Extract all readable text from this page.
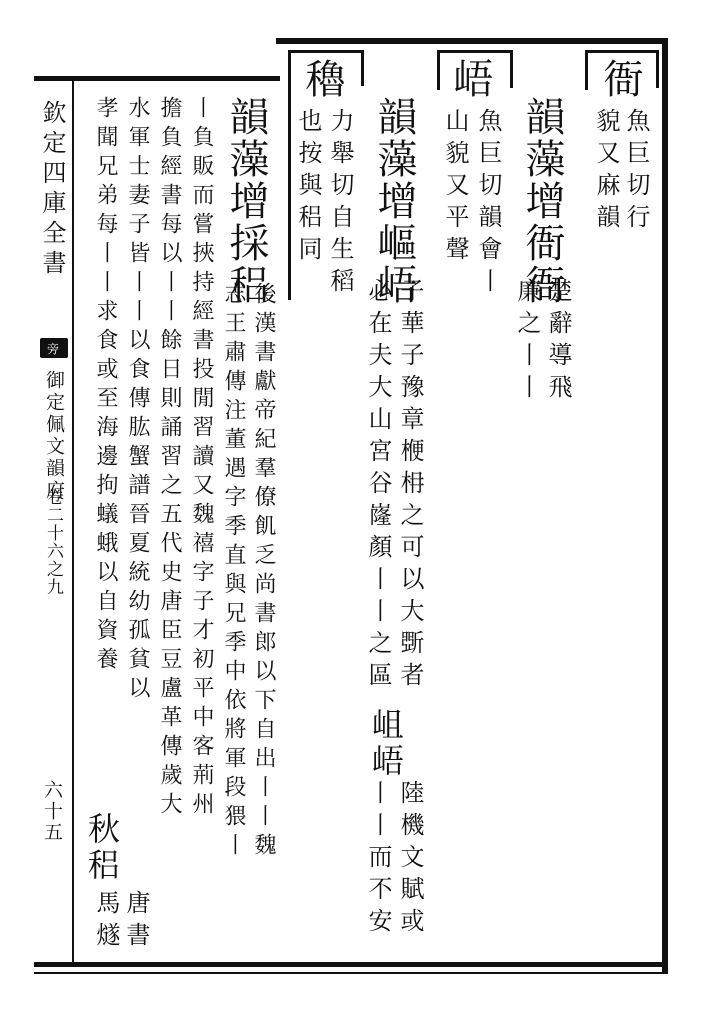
欽定四庫全書
御定佩文韻府
卷二十六之九
六十五
旁
衙
魚巨切行
貌又麻韻
韻藻增衙衙
楚辭導飛
廉之丨丨
峿
魚巨切韻會丨
山貌又平聲
韻藻增嶇峿
子華子豫章楩枏之可以大斲者
必在夫大山宮谷嶐顏丨丨之區
岨峿
陸機文賦或
丨丨而不安
穭
力舉切自生稻
也按與稆同
韻藻增採稆
後漢書獻帝紀羣僚飢乏尚書郎以下自出丨丨魏
志王肅傳注董遇字季直與兄季中依將軍段猥丨
丨負販而嘗挾持經書投閒習讀又魏禧字子才初平中客荊州
擔負經書每以丨丨餘日則誦習之五代史唐臣豆盧革傳歲大
水軍士妻子皆丨丨以食傳肱蟹譜晉夏統幼孤貧以
孝聞兄弟每丨丨求食或至海邊拘蟻蛾以自資養
秋稆
唐書
馬燧
